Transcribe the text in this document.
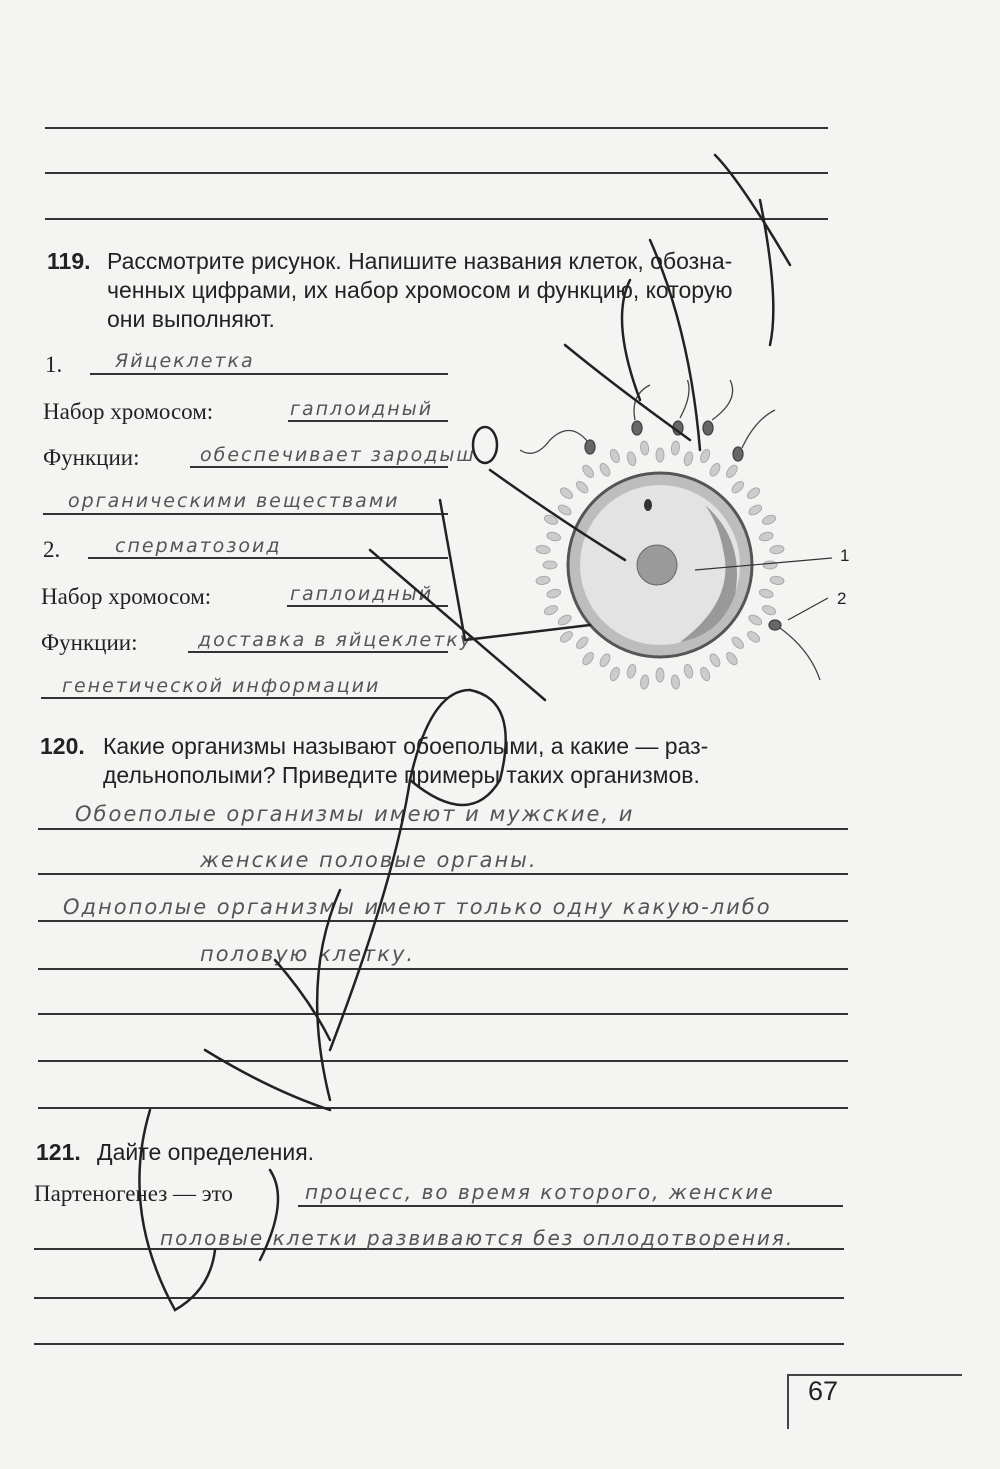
119. Рассмотрите рисунок. Напишите названия клеток, обозна-
ченных цифрами, их набор хромосом и функцию, которую
они выполняют.
1.	Яйцеклетка
Набор хромосом:	гаплоидный
Функции:	обеспечивает зародыш
органическими веществами
2.	сперматозоид
Набор хромосом:	гаплоидный
Функции:	доставка в яйцеклетку
генетической информации
1
2
120. Какие организмы называют обоеполыми, а какие — раз-
дельнополыми? Приведите примеры таких организмов.
Обоеполые организмы имеют и мужские, и
женские половые органы.
Однополые организмы имеют только одну какую-либо
половую клетку.
121. Дайте определения.
Партеногенез — это	процесс, во время которого, женские
половые клетки развиваются без оплодотворения.
67
